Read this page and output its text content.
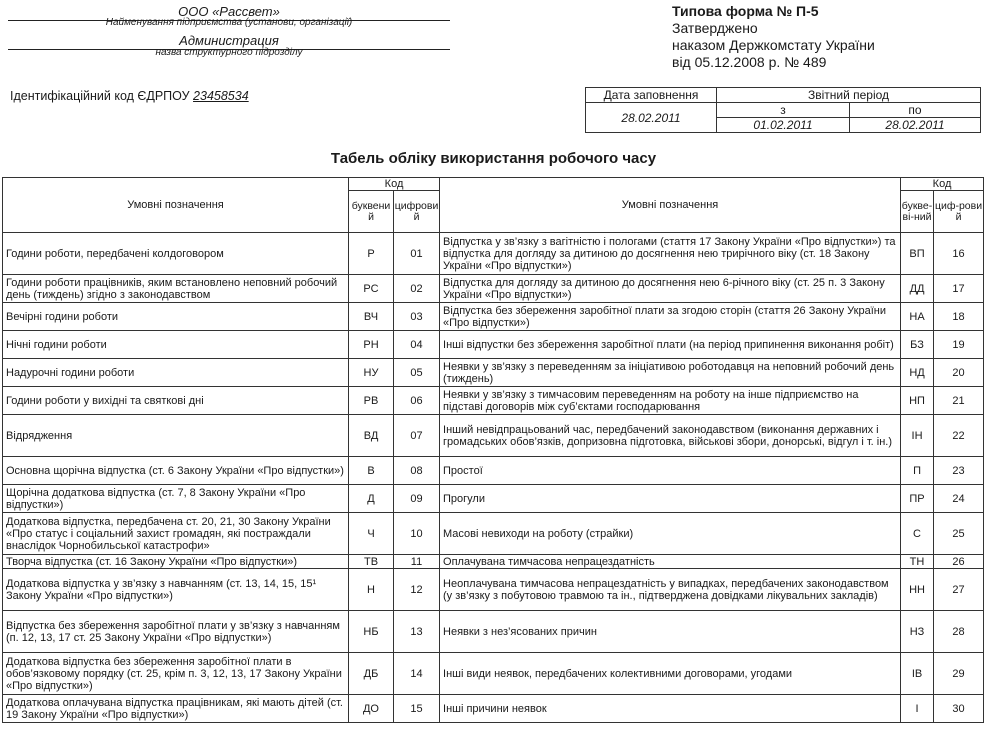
ООО «Рассвет»
Найменування підприємства (установи, організації)
Администрация
назва структурного підрозділу
Типова форма № П-5
Затверджено
наказом Держкомстату України
від 05.12.2008 р. № 489
Ідентифікаційний код ЄДРПОУ 23458534	Дата заповнення	Звітний період	
28.02.2011	з	по
	01.02.2011	28.02.2011
Табель обліку використання робочого часу
Умовні позначення	Код		Умовні позначення	Код	
	буквений	цифровий		букве-ві-ний	циф-ровий
Години роботи, передбачені колдоговором	Р	01	Відпустка у зв’язку з вагітністю і пологами (стаття 17 Закону України «Про відпустки») та відпустка для догляду за дитиною до досягнення нею трирічного віку (ст. 18 Закону України «Про відпустки»)	ВП	16
Години роботи працівників, яким встановлено неповний робочий день (тиждень) згідно з законодавством	РС	02	Відпустка для догляду за дитиною до досягнення нею 6-річного віку (ст. 25 п. 3 Закону України «Про відпустки»)	ДД	17
Вечірні години роботи	ВЧ	03	Відпустка без збереження заробітної плати за згодою сторін (стаття 26 Закону України «Про відпустки»)	НА	18
Нічні години роботи	РН	04	Інші відпустки без збереження заробітної плати (на період припинення виконання робіт)	БЗ	19
Надурочні години роботи	НУ	05	Неявки у зв’язку з переведенням за ініціативою роботодавця на неповний робочий день (тиждень)	НД	20
Години роботи у вихідні та святкові дні	РВ	06	Неявки у зв’язку з тимчасовим переведенням на роботу на інше підприємство на підставі договорів між суб’єктами господарювання	НП	21
Відрядження	ВД	07	Інший невідпрацьований час, передбачений законодавством (виконання державних і громадських обов’язків, допризовна підготовка, військові збори, донорські, відгул і т. ін.)	ІН	22
Основна щорічна відпустка (ст. 6 Закону України «Про відпустки»)	В	08	Простої	П	23
Щорічна додаткова відпустка (ст. 7, 8 Закону України «Про відпустки»)	Д	09	Прогули	ПР	24
Додаткова відпустка, передбачена ст. 20, 21, 30 Закону України «Про статус і соціальний захист громадян, які постраждали внаслідок Чорнобильської катастрофи»	Ч	10	Масові невиходи на роботу (страйки)	С	25
Творча відпустка (ст. 16 Закону України «Про відпустки»)	ТВ	11	Оплачувана тимчасова непрацездатність	ТН	26
Додаткова відпустка у зв’язку з навчанням (ст. 13, 14, 15, 15¹ Закону України «Про відпустки»)	Н	12	Неоплачувана тимчасова непрацездатність у випадках, передбачених законодавством (у зв’язку з побутовою травмою та ін., підтверджена довідками лікувальних закладів)	НН	27
Відпустка без збереження заробітної плати у зв’язку з навчанням (п. 12, 13, 17 ст. 25 Закону України «Про відпустки»)	НБ	13	Неявки з нез’ясованих причин	НЗ	28
Додаткова відпустка без збереження заробітної плати в обов’язковому порядку (ст. 25, крім п. 3, 12, 13, 17 Закону України «Про відпустки»)	ДБ	14	Інші види неявок, передбачених колективними договорами, угодами	ІВ	29
Додаткова оплачувана відпустка працівникам, які мають дітей (ст. 19 Закону України «Про відпустки»)	ДО	15	Інші причини неявок	І	30
